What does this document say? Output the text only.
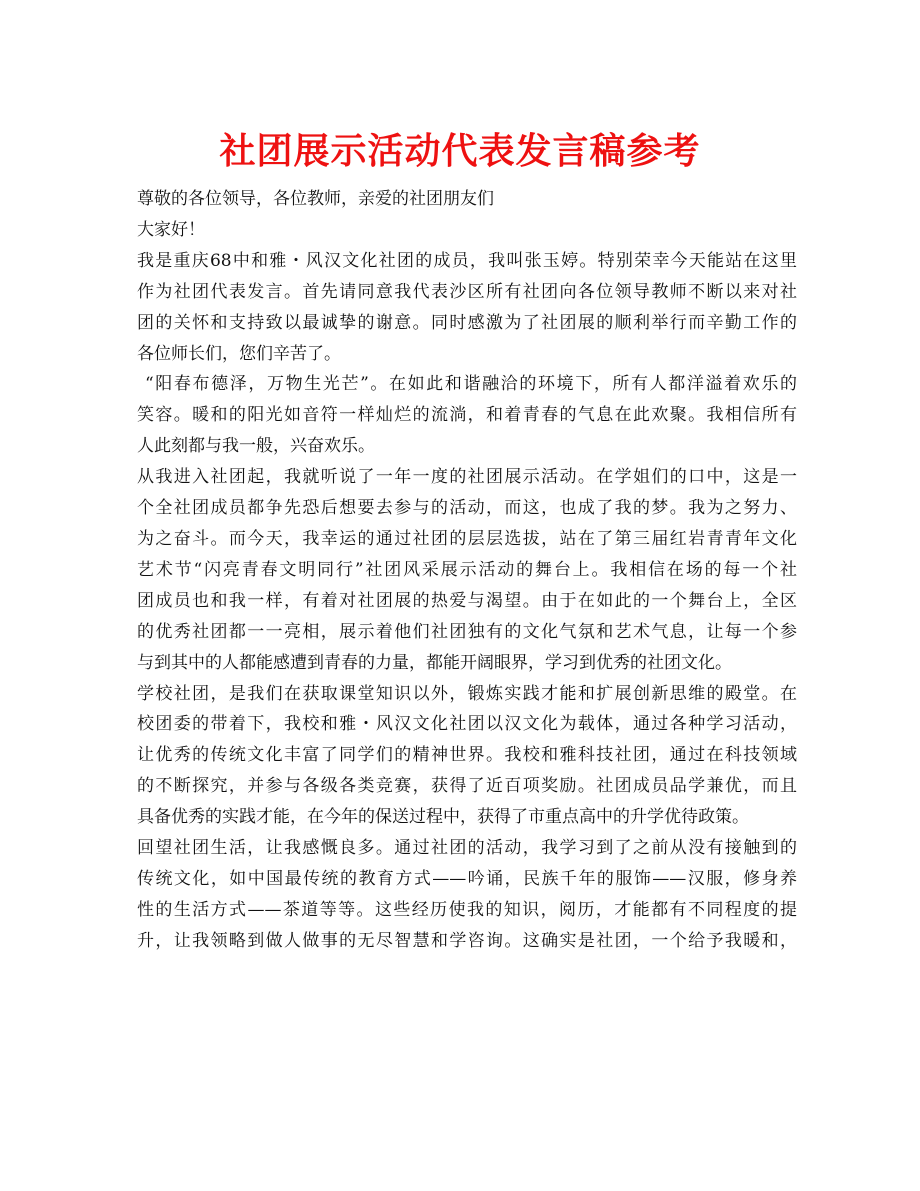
社团展示活动代表发言稿参考

尊敬的各位领导，各位教师，亲爱的社团朋友们

大家好！

我是重庆68中和雅・风汉文化社团的成员，我叫张玉婷。特别荣幸今天能站在这里
作为社团代表发言。首先请同意我代表沙区所有社团向各位领导教师不断以来对社
团的关怀和支持致以最诚挚的谢意。同时感激为了社团展的顺利举行而辛勤工作的
各位师长们，您们辛苦了。

“阳春布德泽，万物生光芒”。在如此和谐融洽的环境下，所有人都洋溢着欢乐的
笑容。暖和的阳光如音符一样灿烂的流淌，和着青春的气息在此欢聚。我相信所有
人此刻都与我一般，兴奋欢乐。

从我进入社团起，我就听说了一年一度的社团展示活动。在学姐们的口中，这是一
个全社团成员都争先恐后想要去参与的活动，而这，也成了我的梦。我为之努力、
为之奋斗。而今天，我幸运的通过社团的层层选拔，站在了第三届红岩青青年文化
艺术节“闪亮青春文明同行”社团风采展示活动的舞台上。我相信在场的每一个社
团成员也和我一样，有着对社团展的热爱与渴望。由于在如此的一个舞台上，全区
的优秀社团都一一亮相，展示着他们社团独有的文化气氛和艺术气息，让每一个参
与到其中的人都能感遭到青春的力量，都能开阔眼界，学习到优秀的社团文化。

学校社团，是我们在获取课堂知识以外，锻炼实践才能和扩展创新思维的殿堂。在
校团委的带着下，我校和雅・风汉文化社团以汉文化为载体，通过各种学习活动，
让优秀的传统文化丰富了同学们的精神世界。我校和雅科技社团，通过在科技领域
的不断探究，并参与各级各类竞赛，获得了近百项奖励。社团成员品学兼优，而且
具备优秀的实践才能，在今年的保送过程中，获得了市重点高中的升学优待政策。

回望社团生活，让我感慨良多。通过社团的活动，我学习到了之前从没有接触到的
传统文化，如中国最传统的教育方式——吟诵，民族千年的服饰——汉服，修身养
性的生活方式——茶道等等。这些经历使我的知识，阅历，才能都有不同程度的提
升，让我领略到做人做事的无尽智慧和学咨询。这确实是社团，一个给予我暖和，
